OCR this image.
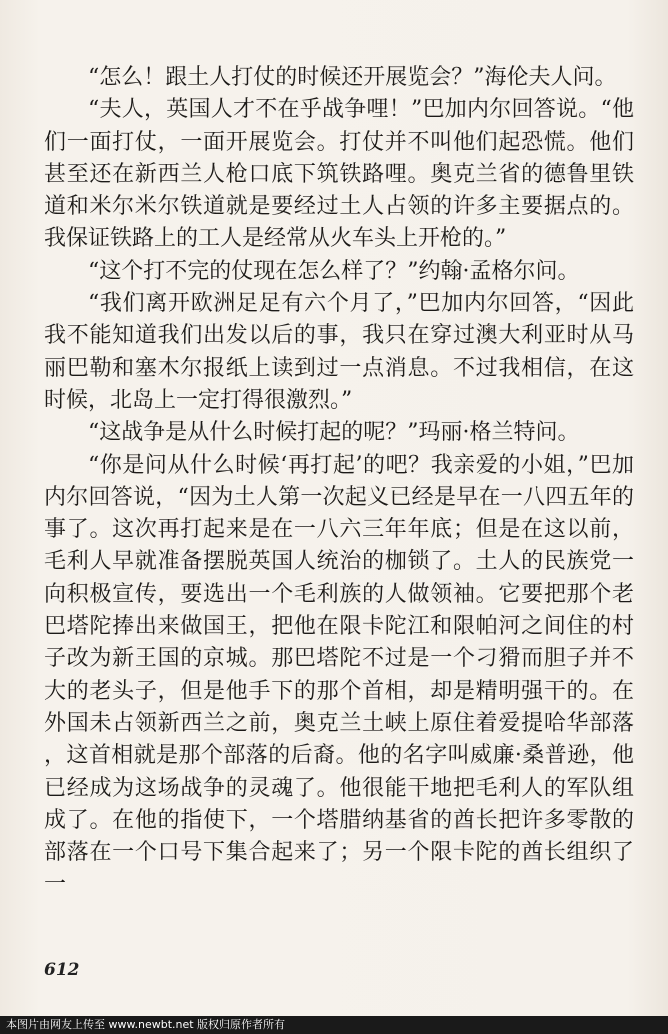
“怎么！跟土人打仗的时候还开展览会？”海伦夫人问。

“夫人，英国人才不在乎战争哩！”巴加内尔回答说。“他们一面打仗，一面开展览会。打仗并不叫他们起恐慌。他们甚至还在新西兰人枪口底下筑铁路哩。奥克兰省的德鲁里铁道和米尔米尔铁道就是要经过土人占领的许多主要据点的。我保证铁路上的工人是经常从火车头上开枪的。”

“这个打不完的仗现在怎么样了？”约翰·孟格尔问。

“我们离开欧洲足足有六个月了，”巴加内尔回答，“因此我不能知道我们出发以后的事，我只在穿过澳大利亚时从马丽巴勒和塞木尔报纸上读到过一点消息。不过我相信，在这时候，北岛上一定打得很激烈。”

“这战争是从什么时候打起的呢？”玛丽·格兰特问。

“你是问从什么时候‘再打起’的吧？我亲爱的小姐，”巴加内尔回答说，“因为土人第一次起义已经是早在一八四五年的事了。这次再打起来是在一八六三年年底；但是在这以前，毛利人早就准备摆脱英国人统治的枷锁了。土人的民族党一向积极宣传，要选出一个毛利族的人做领袖。它要把那个老巴塔陀捧出来做国王，把他在限卡陀江和限帕河之间住的村子改为新王国的京城。那巴塔陀不过是一个刁猾而胆子并不大的老头子，但是他手下的那个首相，却是精明强干的。在外国未占领新西兰之前，奥克兰土峡上原住着爱提哈华部落，这首相就是那个部落的后裔。他的名字叫威廉·桑普逊，他已经成为这场战争的灵魂了。他很能干地把毛利人的军队组成了。在他的指使下，一个塔腊纳基省的酋长把许多零散的部落在一个口号下集合起来了；另一个限卡陀的酋长组织了一

612
本图片由网友上传至 www.newbt.net 版权归原作者所有
